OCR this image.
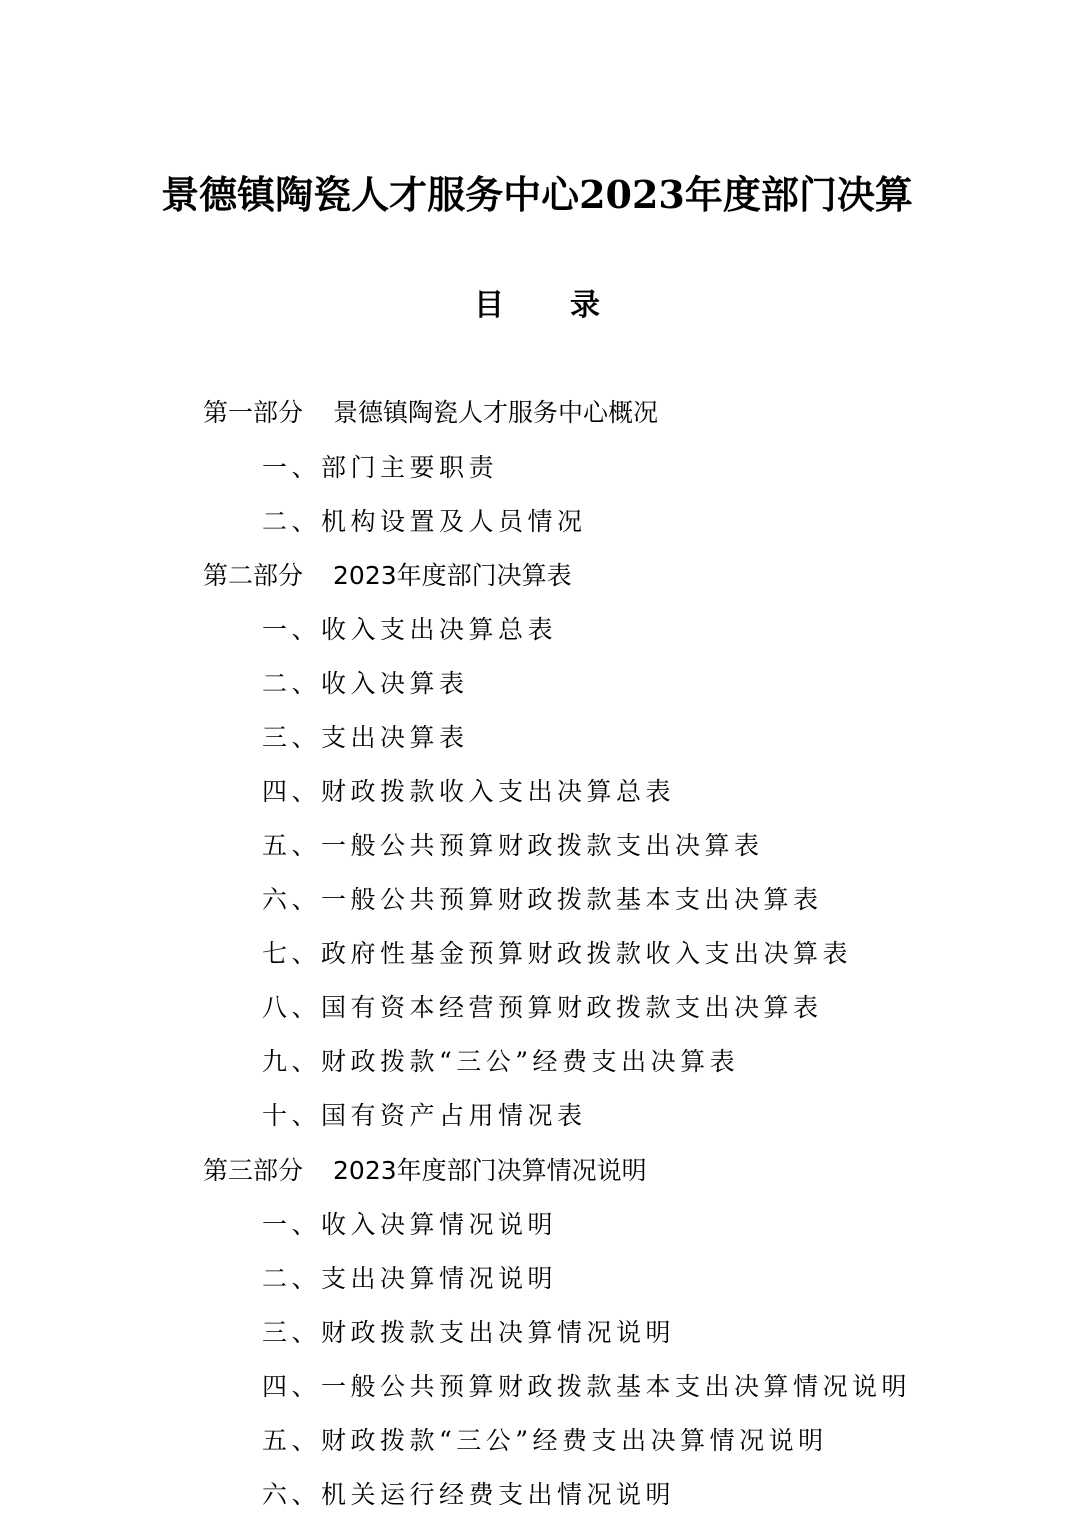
景德镇陶瓷人才服务中心2023年度部门决算
目 录
第一部分 景德镇陶瓷人才服务中心概况
一、部门主要职责
二、机构设置及人员情况
第二部分 2023年度部门决算表
一、收入支出决算总表
二、收入决算表
三、支出决算表
四、财政拨款收入支出决算总表
五、一般公共预算财政拨款支出决算表
六、一般公共预算财政拨款基本支出决算表
七、政府性基金预算财政拨款收入支出决算表
八、国有资本经营预算财政拨款支出决算表
九、财政拨款“三公”经费支出决算表
十、国有资产占用情况表
第三部分 2023年度部门决算情况说明
一、收入决算情况说明
二、支出决算情况说明
三、财政拨款支出决算情况说明
四、一般公共预算财政拨款基本支出决算情况说明
五、财政拨款“三公”经费支出决算情况说明
六、机关运行经费支出情况说明
